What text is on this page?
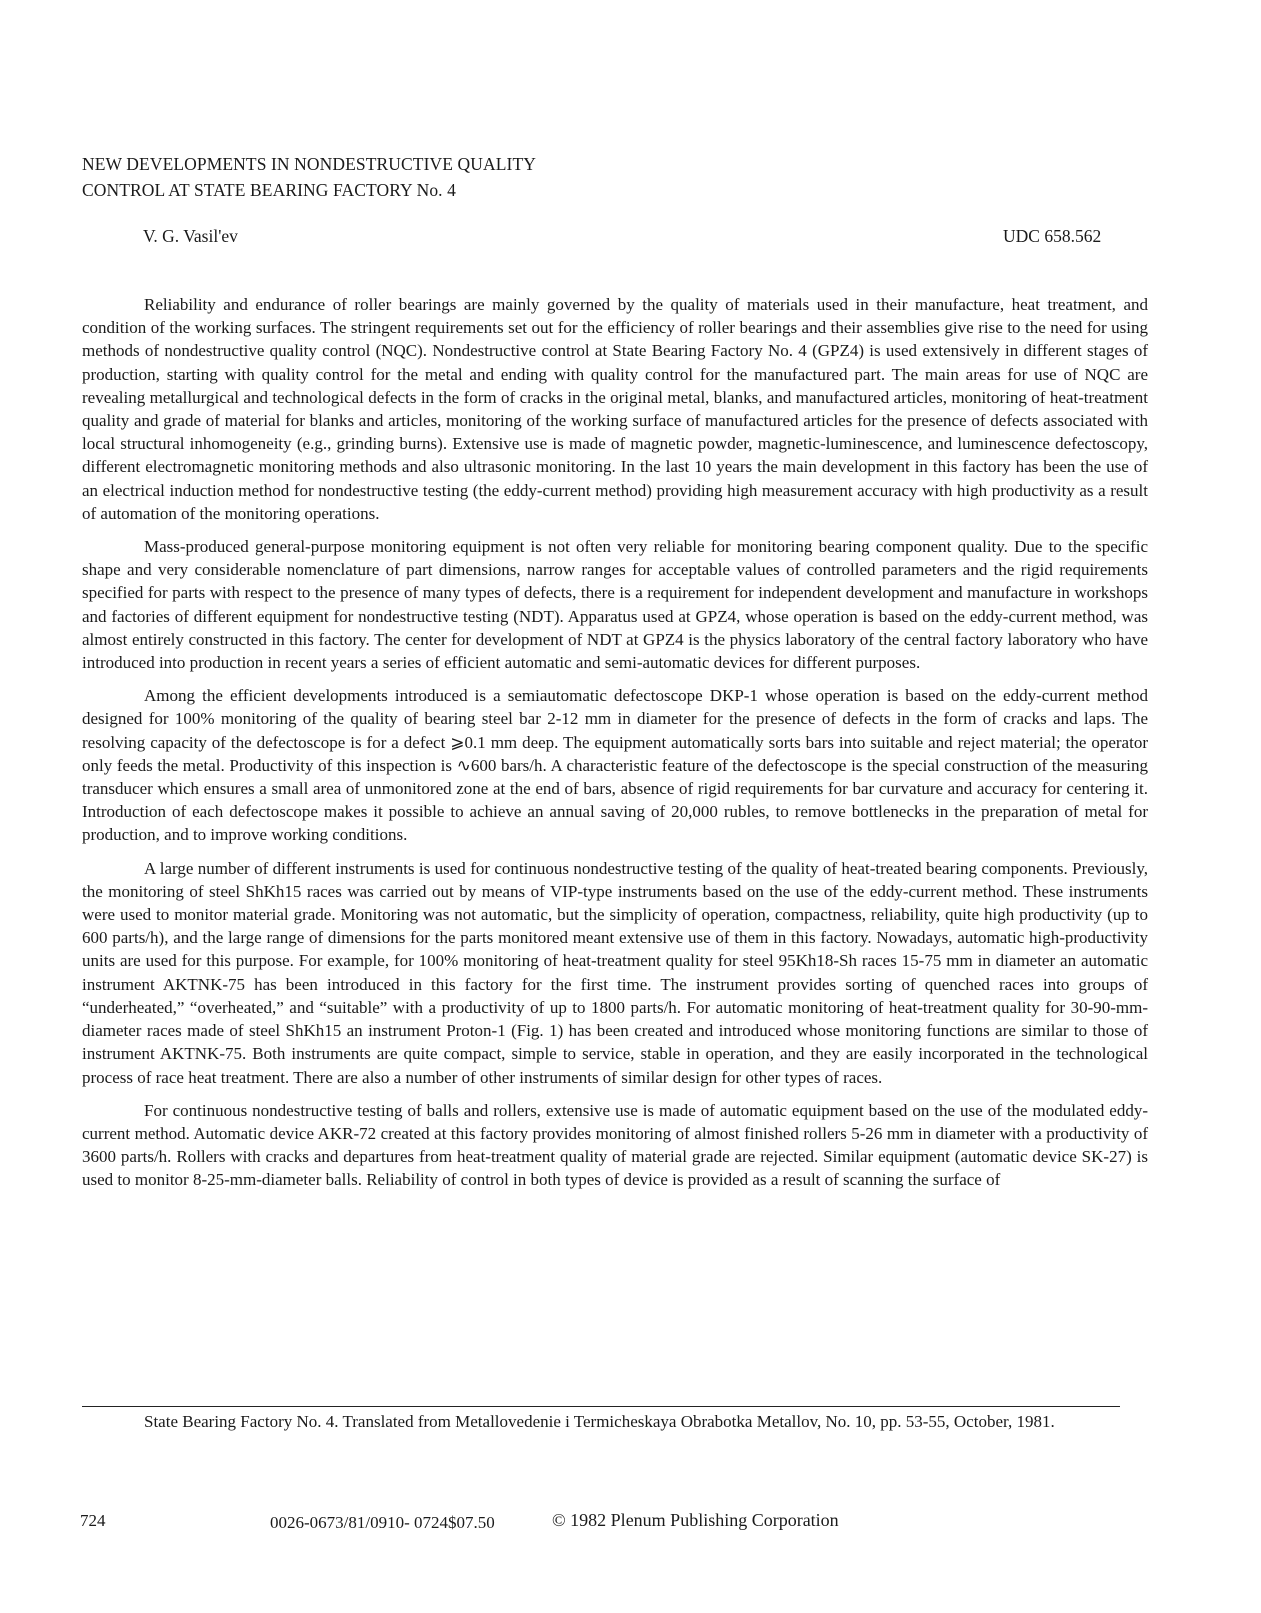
NEW DEVELOPMENTS IN NONDESTRUCTIVE QUALITY
CONTROL AT STATE BEARING FACTORY No. 4
V. G. Vasil'ev	UDC 658.562

Reliability and endurance of roller bearings are mainly governed by the quality of materials used in their manufacture, heat treatment, and condition of the working surfaces. The stringent requirements set out for the efficiency of roller bearings and their assemblies give rise to the need for using methods of nondestructive quality control (NQC). Nondestructive control at State Bearing Factory No. 4 (GPZ4) is used extensively in different stages of production, starting with quality control for the metal and ending with quality control for the manufactured part. The main areas for use of NQC are revealing metallurgical and technological defects in the form of cracks in the original metal, blanks, and manufactured articles, monitoring of heat-treatment quality and grade of material for blanks and articles, monitoring of the working surface of manufactured articles for the presence of defects associated with local structural inhomogeneity (e.g., grinding burns). Extensive use is made of magnetic powder, magnetic-luminescence, and luminescence defectoscopy, different electromagnetic monitoring methods and also ultrasonic monitoring. In the last 10 years the main development in this factory has been the use of an electrical induction method for nondestructive testing (the eddy-current method) providing high measurement accuracy with high productivity as a result of automation of the monitoring operations.

Mass-produced general-purpose monitoring equipment is not often very reliable for monitoring bearing component quality. Due to the specific shape and very considerable nomenclature of part dimensions, narrow ranges for acceptable values of controlled parameters and the rigid requirements specified for parts with respect to the presence of many types of defects, there is a requirement for independent development and manufacture in workshops and factories of different equipment for nondestructive testing (NDT). Apparatus used at GPZ4, whose operation is based on the eddy-current method, was almost entirely constructed in this factory. The center for development of NDT at GPZ4 is the physics laboratory of the central factory laboratory who have introduced into production in recent years a series of efficient automatic and semi-automatic devices for different purposes.

Among the efficient developments introduced is a semiautomatic defectoscope DKP-1 whose operation is based on the eddy-current method designed for 100% monitoring of the quality of bearing steel bar 2-12 mm in diameter for the presence of defects in the form of cracks and laps. The resolving capacity of the defectoscope is for a defect ⩾0.1 mm deep. The equipment automatically sorts bars into suitable and reject material; the operator only feeds the metal. Productivity of this inspection is ∿600 bars/h. A characteristic feature of the defectoscope is the special construction of the measuring transducer which ensures a small area of unmonitored zone at the end of bars, absence of rigid requirements for bar curvature and accuracy for centering it. Introduction of each defectoscope makes it possible to achieve an annual saving of 20,000 rubles, to remove bottlenecks in the preparation of metal for production, and to improve working conditions.

A large number of different instruments is used for continuous nondestructive testing of the quality of heat-treated bearing components. Previously, the monitoring of steel ShKh15 races was carried out by means of VIP-type instruments based on the use of the eddy-current method. These instruments were used to monitor material grade. Monitoring was not automatic, but the simplicity of operation, compactness, reliability, quite high productivity (up to 600 parts/h), and the large range of dimensions for the parts monitored meant extensive use of them in this factory. Nowadays, automatic high-productivity units are used for this purpose. For example, for 100% monitoring of heat-treatment quality for steel 95Kh18-Sh races 15-75 mm in diameter an automatic instrument AKTNK-75 has been introduced in this factory for the first time. The instrument provides sorting of quenched races into groups of “underheated,” “overheated,” and “suitable” with a productivity of up to 1800 parts/h. For automatic monitoring of heat-treatment quality for 30-90-mm-diameter races made of steel ShKh15 an instrument Proton-1 (Fig. 1) has been created and introduced whose monitoring functions are similar to those of instrument AKTNK-75. Both instruments are quite compact, simple to service, stable in operation, and they are easily incorporated in the technological process of race heat treatment. There are also a number of other instruments of similar design for other types of races.

For continuous nondestructive testing of balls and rollers, extensive use is made of automatic equipment based on the use of the modulated eddy-current method. Automatic device AKR-72 created at this factory provides monitoring of almost finished rollers 5-26 mm in diameter with a productivity of 3600 parts/h. Rollers with cracks and departures from heat-treatment quality of material grade are rejected. Similar equipment (automatic device SK-27) is used to monitor 8-25-mm-diameter balls. Reliability of control in both types of device is provided as a result of scanning the surface of

State Bearing Factory No. 4. Translated from Metallovedenie i Termicheskaya Obrabotka Metallov, No. 10, pp. 53-55, October, 1981.

724	0026-0673/81/0910- 0724$07.50	© 1982 Plenum Publishing Corporation
